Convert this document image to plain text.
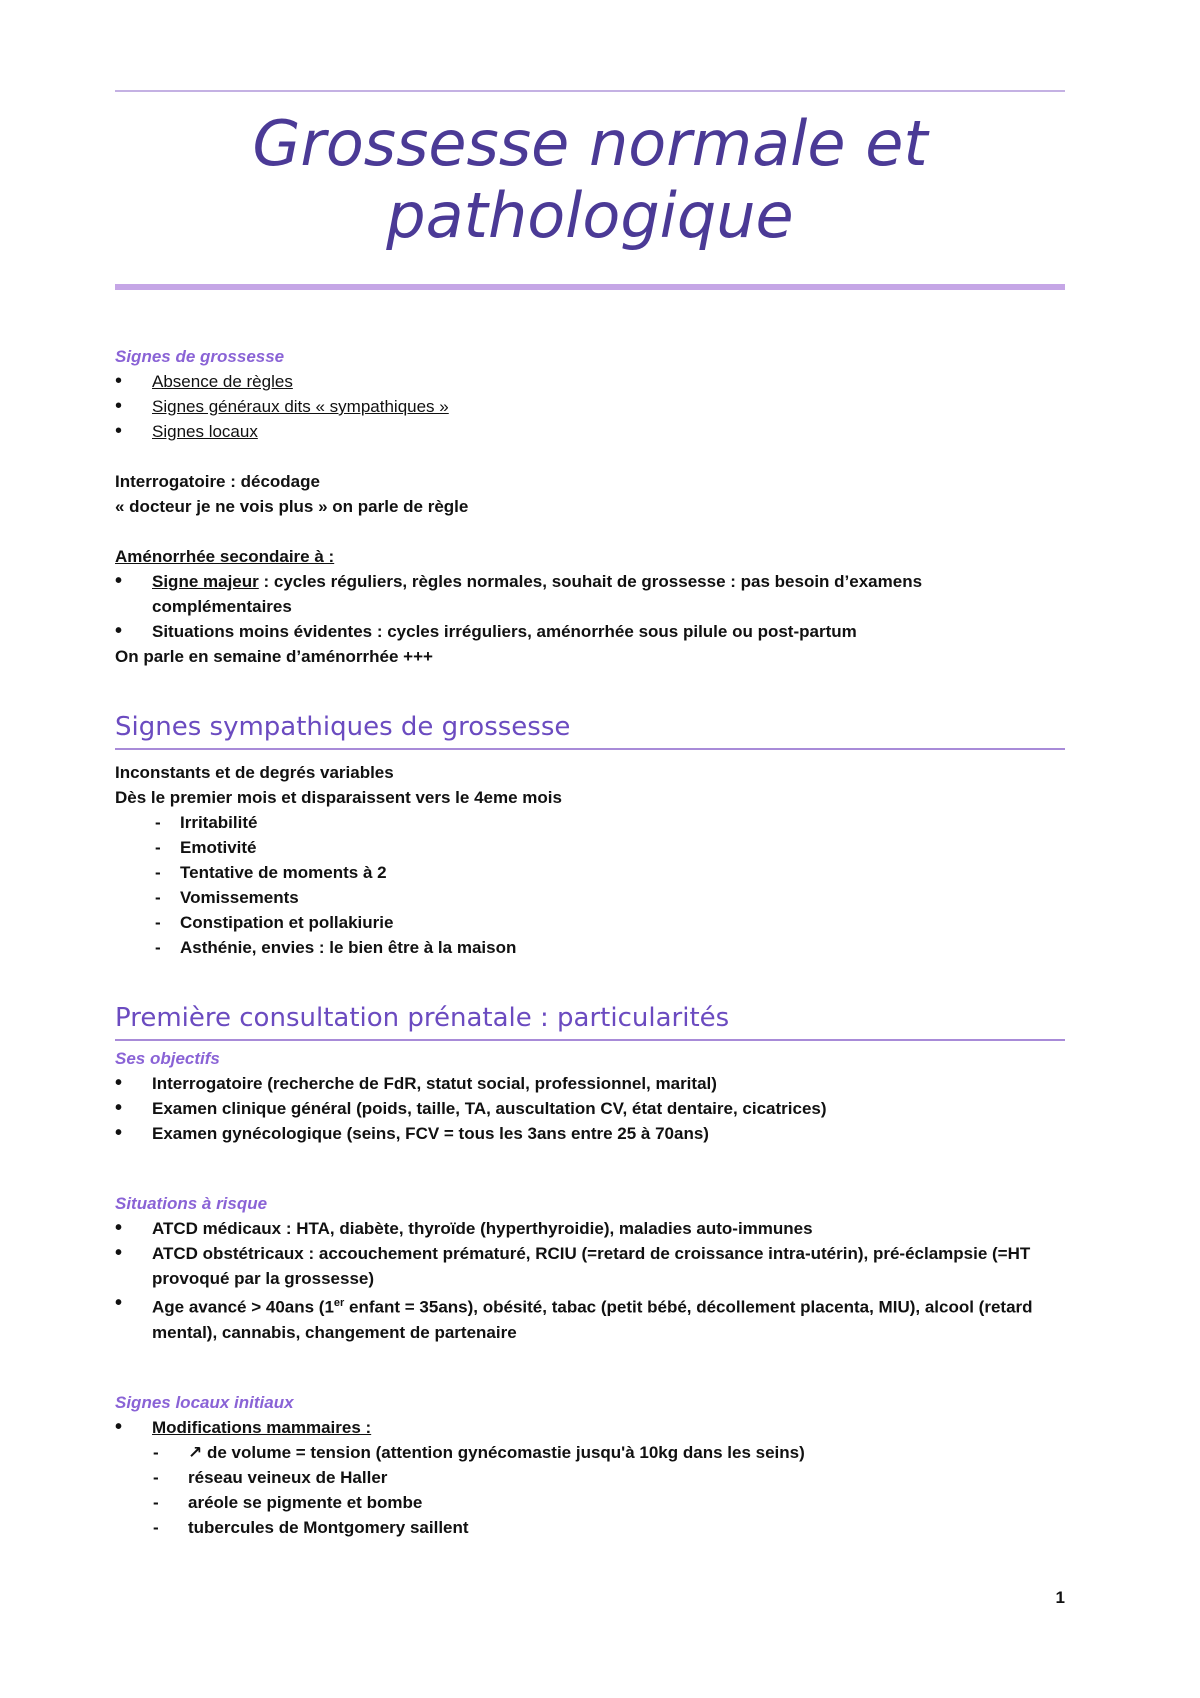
Grossesse normale et pathologique
Signes de grossesse
• Absence de règles
• Signes généraux dits « sympathiques »
• Signes locaux
Interrogatoire : décodage
« docteur je ne vois plus » on parle de règle
Aménorrhée secondaire à :
• Signe majeur : cycles réguliers, règles normales, souhait de grossesse : pas besoin d’examens complémentaires
• Situations moins évidentes : cycles irréguliers, aménorrhée sous pilule ou post-partum
On parle en semaine d’aménorrhée +++
Signes sympathiques de grossesse
Inconstants et de degrés variables
Dès le premier mois et disparaissent vers le 4eme mois
- Irritabilité
- Emotivité
- Tentative de moments à 2
- Vomissements
- Constipation et pollakiurie
- Asthénie, envies : le bien être à la maison
Première consultation prénatale : particularités
Ses objectifs
• Interrogatoire (recherche de FdR, statut social, professionnel, marital)
• Examen clinique général (poids, taille, TA, auscultation CV, état dentaire, cicatrices)
• Examen gynécologique (seins, FCV = tous les 3ans entre 25 à 70ans)
Situations à risque
• ATCD médicaux : HTA, diabète, thyroïde (hyperthyroidie), maladies auto-immunes
• ATCD obstétricaux : accouchement prématuré, RCIU (=retard de croissance intra-utérin), pré-éclampsie (=HT provoqué par la grossesse)
• Age avancé > 40ans (1er enfant = 35ans), obésité, tabac (petit bébé, décollement placenta, MIU), alcool (retard mental), cannabis, changement de partenaire
Signes locaux initiaux
• Modifications mammaires :
- ↗ de volume = tension (attention gynécomastie jusqu'à 10kg dans les seins)
- réseau veineux de Haller
- aréole se pigmente et bombe
- tubercules de Montgomery saillent
1
